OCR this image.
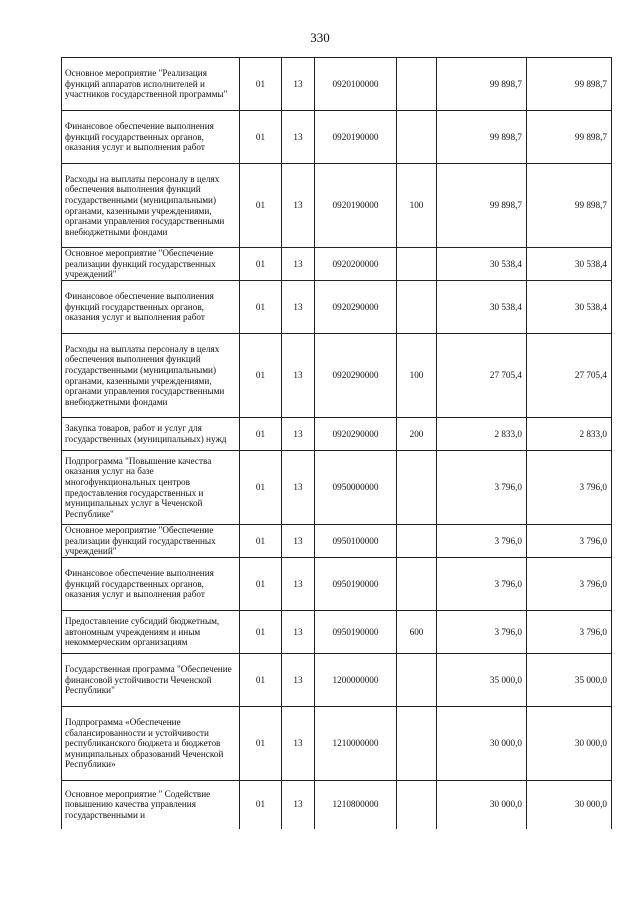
330
Основное мероприятие "Реализация функций аппаратов исполнителей и участников государственной программы"	01	13	0920100000		99 898,7	99 898,7
Финансовое обеспечение выполнения функций государственных органов, оказания услуг и выполнения работ	01	13	0920190000		99 898,7	99 898,7
Расходы на выплаты персоналу в целях обеспечения выполнения функций государственными (муниципальными) органами, казенными учреждениями, органами управления государственными внебюджетными фондами	01	13	0920190000	100	99 898,7	99 898,7
Основное мероприятие "Обеспечение реализации функций государственных учреждений"	01	13	0920200000		30 538,4	30 538,4
Финансовое обеспечение выполнения функций государственных органов, оказания услуг и выполнения работ	01	13	0920290000		30 538,4	30 538,4
Расходы на выплаты персоналу в целях обеспечения выполнения функций государственными (муниципальными) органами, казенными учреждениями, органами управления государственными внебюджетными фондами	01	13	0920290000	100	27 705,4	27 705,4
Закупка товаров, работ и услуг для государственных (муниципальных) нужд	01	13	0920290000	200	2 833,0	2 833,0
Подпрограмма "Повышение качества оказания услуг на базе многофункциональных центров предоставления государственных и муниципальных услуг в Чеченской Республике"	01	13	0950000000		3 796,0	3 796,0
Основное мероприятие "Обеспечение реализации функций государственных учреждений"	01	13	0950100000		3 796,0	3 796,0
Финансовое обеспечение выполнения функций государственных органов, оказания услуг и выполнения работ	01	13	0950190000		3 796,0	3 796,0
Предоставление субсидий бюджетным, автономным учреждениям и иным некоммерческим организациям	01	13	0950190000	600	3 796,0	3 796,0
Государственная программа "Обеспечение финансовой устойчивости Чеченской Республики"	01	13	1200000000		35 000,0	35 000,0
Подпрограмма «Обеспечение сбалансированности и устойчивости республиканского бюджета и бюджетов муниципальных образований Чеченской Республики»	01	13	1210000000		30 000,0	30 000,0
Основное мероприятие " Содействие повышению качества управления государственными и	01	13	1210800000		30 000,0	30 000,0
